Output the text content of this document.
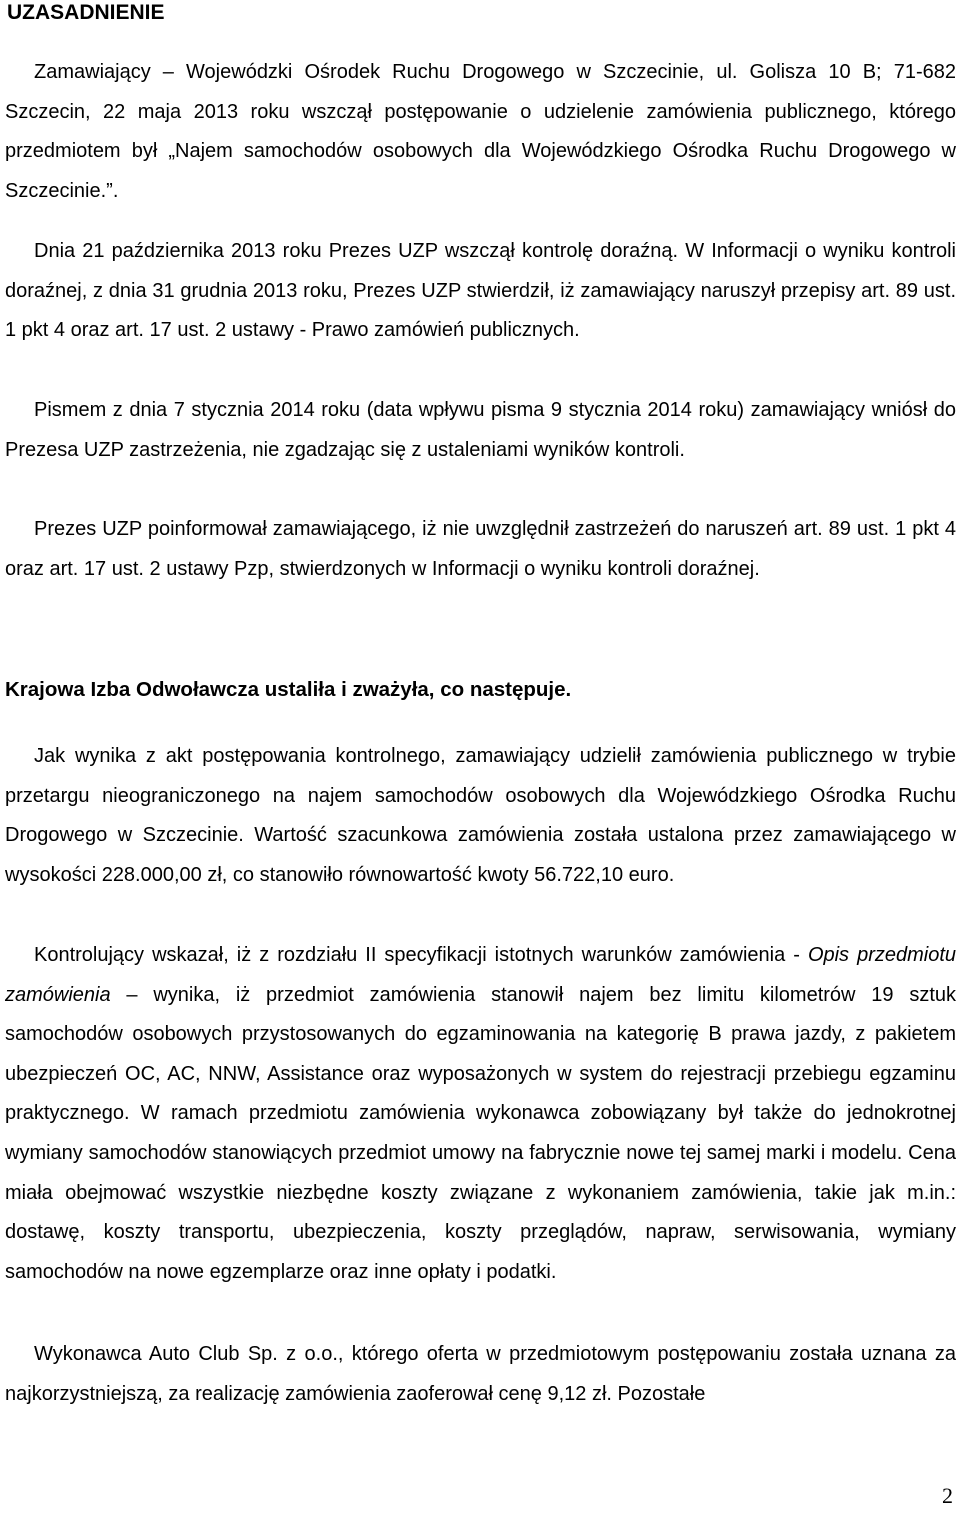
UZASADNIENIE

Zamawiający – Wojewódzki Ośrodek Ruchu Drogowego w Szczecinie, ul. Golisza 10 B; 71-682 Szczecin, 22 maja 2013 roku wszczął postępowanie o udzielenie zamówienia publicznego, którego przedmiotem był „Najem samochodów osobowych dla Wojewódzkiego Ośrodka Ruchu Drogowego w Szczecinie.”.

Dnia 21 października 2013 roku Prezes UZP wszczął kontrolę doraźną. W Informacji o wyniku kontroli doraźnej, z dnia 31 grudnia 2013 roku, Prezes UZP stwierdził, iż zamawiający naruszył przepisy art. 89 ust. 1 pkt 4 oraz art. 17 ust. 2 ustawy - Prawo zamówień publicznych.

Pismem z dnia 7 stycznia 2014 roku (data wpływu pisma 9 stycznia 2014 roku) zamawiający wniósł do Prezesa UZP zastrzeżenia, nie zgadzając się z ustaleniami wyników kontroli.

Prezes UZP poinformował zamawiającego, iż nie uwzględnił zastrzeżeń do naruszeń art. 89 ust. 1 pkt 4 oraz art. 17 ust. 2 ustawy Pzp, stwierdzonych w Informacji o wyniku kontroli doraźnej.

Krajowa Izba Odwoławcza ustaliła i zważyła, co następuje.

Jak wynika z akt postępowania kontrolnego, zamawiający udzielił zamówienia publicznego w trybie przetargu nieograniczonego na najem samochodów osobowych dla Wojewódzkiego Ośrodka Ruchu Drogowego w Szczecinie. Wartość szacunkowa zamówienia została ustalona przez zamawiającego w wysokości 228.000,00 zł, co stanowiło równowartość kwoty 56.722,10 euro.

Kontrolujący wskazał, iż z rozdziału II specyfikacji istotnych warunków zamówienia - Opis przedmiotu zamówienia – wynika, iż przedmiot zamówienia stanowił najem bez limitu kilometrów 19 sztuk samochodów osobowych przystosowanych do egzaminowania na kategorię B prawa jazdy, z pakietem ubezpieczeń OC, AC, NNW, Assistance oraz wyposażonych w system do rejestracji przebiegu egzaminu praktycznego. W ramach przedmiotu zamówienia wykonawca zobowiązany był także do jednokrotnej wymiany samochodów stanowiących przedmiot umowy na fabrycznie nowe tej samej marki i modelu. Cena miała obejmować wszystkie niezbędne koszty związane z wykonaniem zamówienia, takie jak m.in.: dostawę, koszty transportu, ubezpieczenia, koszty przeglądów, napraw, serwisowania, wymiany samochodów na nowe egzemplarze oraz inne opłaty i podatki.

Wykonawca Auto Club Sp. z o.o., którego oferta w przedmiotowym postępowaniu została uznana za najkorzystniejszą, za realizację zamówienia zaoferował cenę 9,12 zł. Pozostałe

2
